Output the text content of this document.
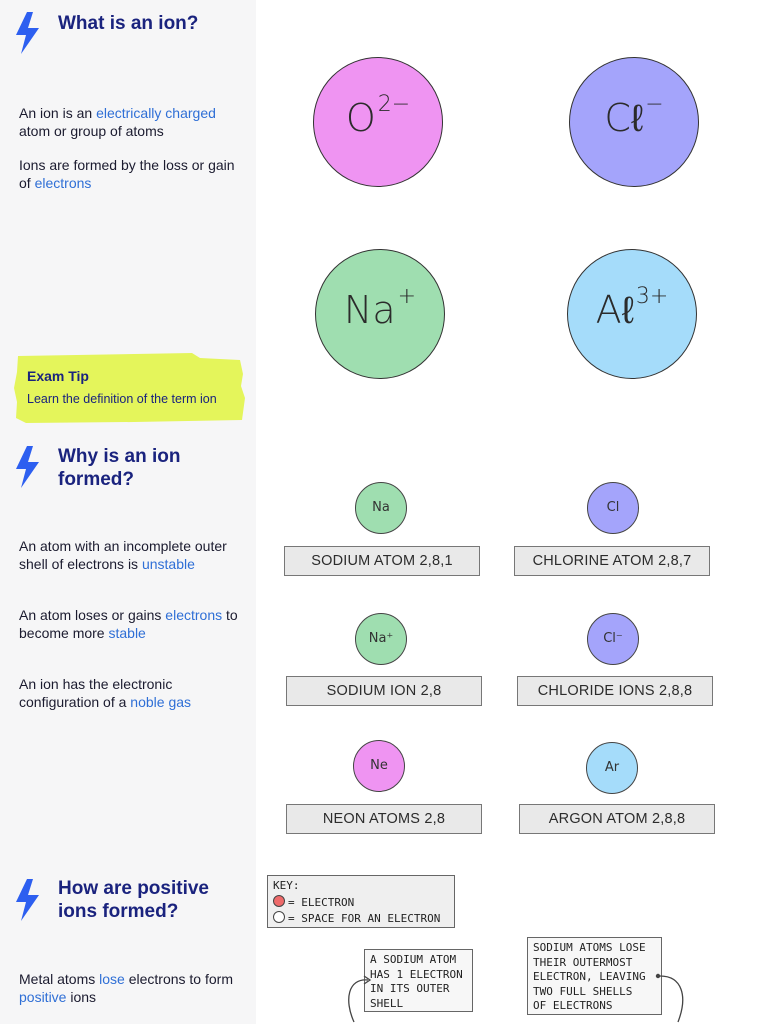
What is an ion?
An ion is an electrically charged atom or group of atoms
Ions are formed by the loss or gain of electrons
Exam Tip
Learn the definition of the term ion
Why is an ion formed?
An atom with an incomplete outer shell of electrons is unstable
An atom loses or gains electrons to become more stable
An ion has the electronic configuration of a noble gas
How are positive ions formed?
Metal atoms lose electrons to form positive ions
$O^{2-}$	Cℓ−
Na+	Aℓ$^{3+}$
Na	Cl
Na⁺	Cl⁻
Ne	Ar
SODIUM ATOM 2,8,1	CHLORINE ATOM 2,8,7
SODIUM ION 2,8	CHLORIDE IONS 2,8,8
NEON ATOMS 2,8	ARGON ATOM 2,8,8
KEY:
= ELECTRON
= SPACE FOR AN ELECTRON
A SODIUM ATOM
HAS 1 ELECTRON
IN ITS OUTER
SHELL
SODIUM ATOMS LOSE
THEIR OUTERMOST
ELECTRON, LEAVING
TWO FULL SHELLS
OF ELECTRONS
